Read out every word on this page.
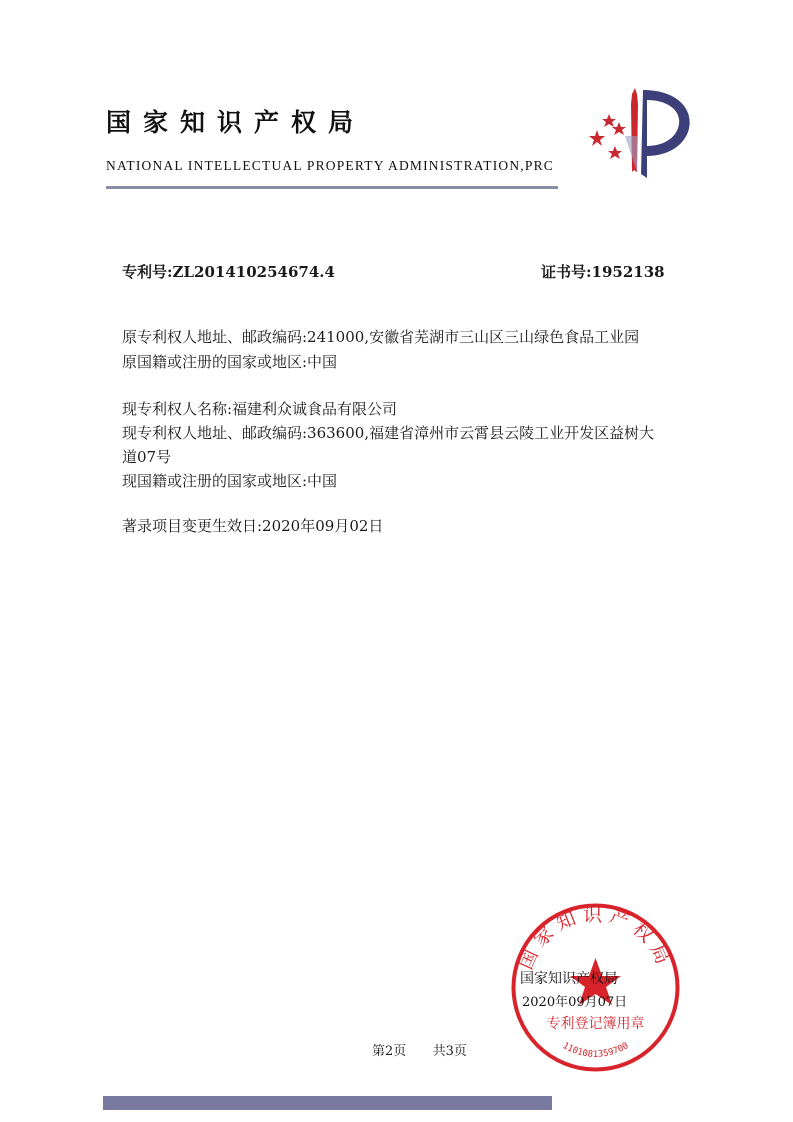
国家知识产权局
NATIONAL INTELLECTUAL PROPERTY ADMINISTRATION,PRC
专利号:ZL201410254674.4	证书号:1952138
原专利权人地址、邮政编码:241000,安徽省芜湖市三山区三山绿色食品工业园
原国籍或注册的国家或地区:中国
现专利权人名称:福建利众诚食品有限公司
现专利权人地址、邮政编码:363600,福建省漳州市云霄县云陵工业开发区益树大
道07号
现国籍或注册的国家或地区:中国
著录项目变更生效日:2020年09月02日
国家知识产权局
专利登记簿用章
1101081359700
国家知识产权局
2020年09月07日
第2页 共3页
